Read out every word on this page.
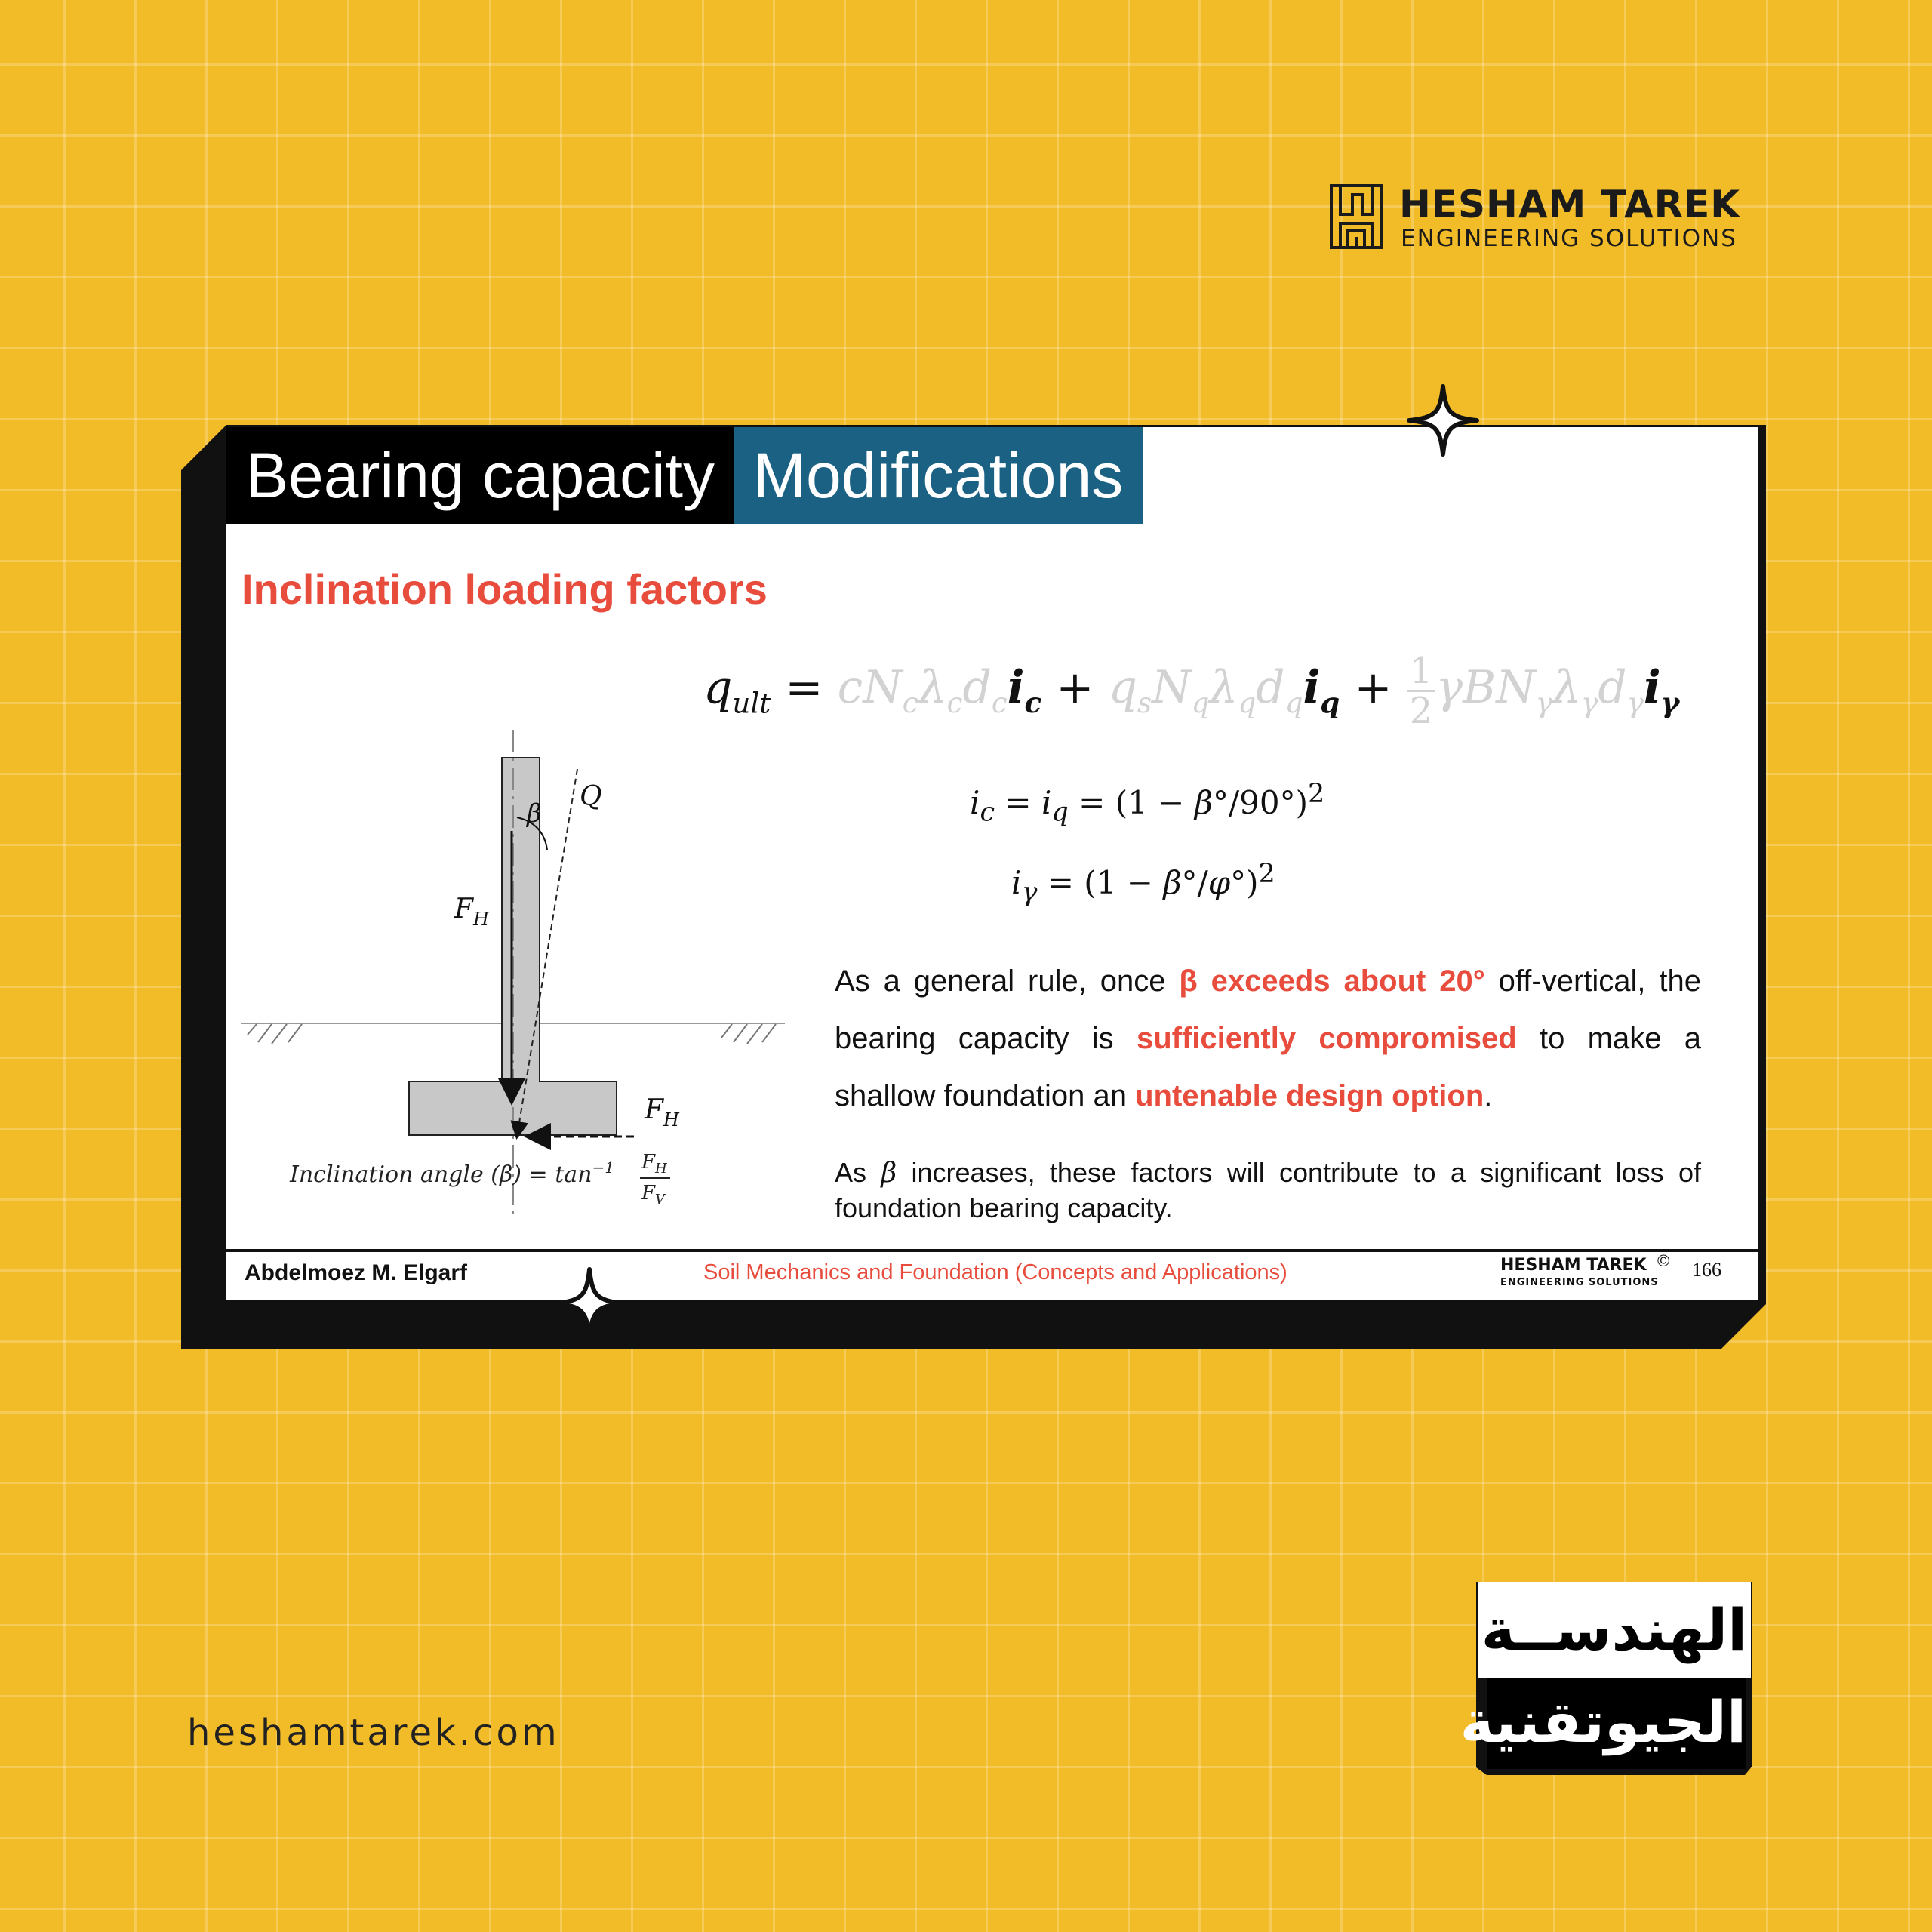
HESHAM TAREK
ENGINEERING SOLUTIONS
Bearing capacity Modifications
Inclination loading factors
$q_{ult} = cN_c\lambda_cd_ci_c + q_sN_q\lambda_qd_qi_q + \frac{1}{2} \gamma BN_\gamma\lambda_\gamma d_\gamma i_\gamma$
$i_c = i_q = (1 - \beta^\circ/90^\circ)^2$
$i_\gamma = (1 - \beta^\circ/\varphi^\circ)^2$
Q
β
$F_H$
$F_H$
Inclination angle $(\beta) = \tan^{-1} F_H$
$F_V$

As a general rule, once β exceeds about 20° off-vertical, the bearing capacity is sufficiently compromised to make a shallow foundation an untenable design option.

As β increases, these factors will contribute to a significant loss of foundation bearing capacity.

Abdelmoez M. Elgarf	Soil Mechanics and Foundation (Concepts and Applications)	HESHAM TAREK ©
ENGINEERING SOLUTIONS
166
heshamtarek.com
الهندســة
الجيوتقنية
